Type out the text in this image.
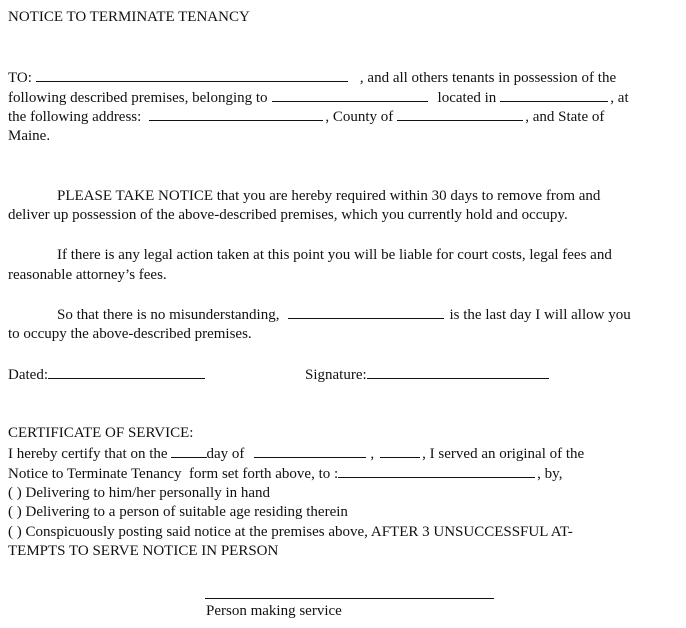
NOTICE TO TERMINATE TENANCY
TO:	, and all others tenants in possession of the
following described premises, belonging to	located in	, at
the following address:	, County of	, and State of
Maine.
PLEASE TAKE NOTICE that you are hereby required within 30 days to remove from and
deliver up possession of the above-described premises, which you currently hold and occupy.
If there is any legal action taken at this point you will be liable for court costs, legal fees and
reasonable attorney’s fees.
So that there is no misunderstanding,	is the last day I will allow you
to occupy the above-described premises.
Dated:	Signature:
CERTIFICATE OF SERVICE:
I hereby certify that on the	day of	,	, I served an original of the
Notice to Terminate Tenancy  form set forth above, to :	, by,
( ) Delivering to him/her personally in hand
( ) Delivering to a person of suitable age residing therein
( ) Conspicuously posting said notice at the premises above, AFTER 3 UNSUCCESSFUL AT-
TEMPTS TO SERVE NOTICE IN PERSON
Person making service
